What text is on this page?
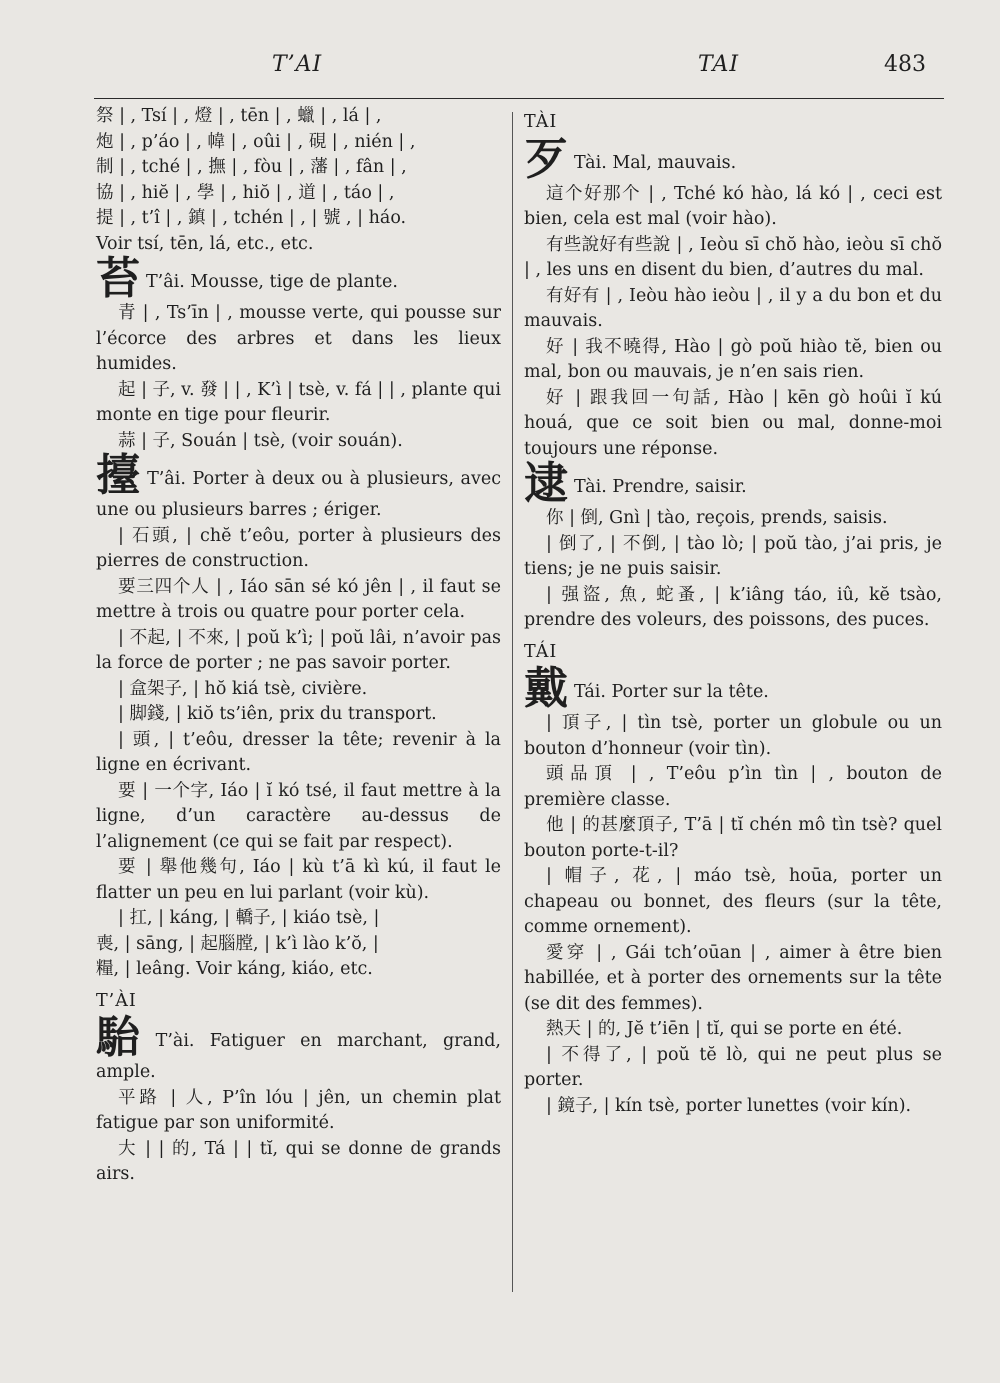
T’AI	TAI	483

祭 | , Tsí | , 燈 | , tēn | , 蠟 | , lá | ,

炮 | , p’áo | , 幃 | , oûi | , 硯 | , nién | ,

制 | , tché | , 撫 | , fòu | , 藩 | , fân | ,

協 | , hiĕ | , 學 | , hiŏ | , 道 | , táo | ,

提 | , t’î | , 鎮 | , tchén | , | 號 , | háo.

Voir tsí, tēn, lá, etc., etc.

苔 T’âi. Mousse, tige de plante.

青 | , Ts’īn | , mousse verte, qui pousse sur l’écorce des arbres et dans les lieux humides.

起 | 子, v. 發 | | , K’ì | tsè, v. fá | | , plante qui monte en tige pour fleurir.

蒜 | 子, Souán | tsè, (voir souán).

擡 T’âi. Porter à deux ou à plusieurs, avec une ou plusieurs barres ; ériger.

| 石頭, | chĕ t’eôu, porter à plusieurs des pierres de construction.

要三四个人 | , Iáo sān sé kó jên | , il faut se mettre à trois ou quatre pour porter cela.

| 不起, | 不來, | poŭ k’ì; | poŭ lâi, n’avoir pas la force de porter ; ne pas savoir porter.

| 盒架子, | hŏ kiá tsè, civière.

| 脚錢, | kiŏ ts’iên, prix du transport.

| 頭, | t’eôu, dresser la tête; revenir à la ligne en écrivant.

要 | 一个字, Iáo | ĭ kó tsé, il faut mettre à la ligne, d’un caractère au-dessus de l’alignement (ce qui se fait par respect).

要 | 舉他幾句, Iáo | kù t’ā kì kú, il faut le flatter un peu en lui parlant (voir kù).

| 扛, | káng, | 轎子, | kiáo tsè, |

喪, | sāng, | 起腦膛, | k’ì lào k’ŏ, |

糧, | leâng. Voir káng, kiáo, etc.

T’ÀI

駘 T’ài. Fatiguer en marchant, grand, ample.

平路 | 人, P’în lóu | jên, un chemin plat fatigue par son uniformité.

大 | | 的, Tá | | tĭ, qui se donne de grands airs.

TÀI

歹 Tài. Mal, mauvais.

這个好那个 | , Tché kó hào, lá kó | , ceci est bien, cela est mal (voir hào).

有些說好有些說 | , Ieòu sī chŏ hào, ieòu sī chŏ | , les uns en disent du bien, d’autres du mal.

有好有 | , Ieòu hào ieòu | , il y a du bon et du mauvais.

好 | 我不曉得, Hào | gò poŭ hiào tĕ, bien ou mal, bon ou mauvais, je n’en sais rien.

好 | 跟我回一句話, Hào | kēn gò hoûi ĭ kú houá, que ce soit bien ou mal, donne-moi toujours une réponse.

逮 Tài. Prendre, saisir.

你 | 倒, Gnì | tào, reçois, prends, saisis.

| 倒了, | 不倒, | tào lò; | poŭ tào, j’ai pris, je tiens; je ne puis saisir.

| 强盜, 魚, 蛇蚤, | k’iâng táo, iû, kĕ tsào, prendre des voleurs, des poissons, des puces.

TÁI

戴 Tái. Porter sur la tête.

| 頂子, | tìn tsè, porter un globule ou un bouton d’honneur (voir tìn).

頭品頂 | , T’eôu p’ìn tìn | , bouton de première classe.

他 | 的甚麼頂子, T’ā | tĭ chén mô tìn tsè? quel bouton porte-t-il?

| 帽子, 花, | máo tsè, hoūa, porter un chapeau ou bonnet, des fleurs (sur la tête, comme ornement).

愛穿 | , Gái tch’oūan | , aimer à être bien habillée, et à porter des ornements sur la tête (se dit des femmes).

熱天 | 的, Jĕ t’iēn | tĭ, qui se porte en été.

| 不得了, | poŭ tĕ lò, qui ne peut plus se porter.

| 鏡子, | kín tsè, porter lunettes (voir kín).
